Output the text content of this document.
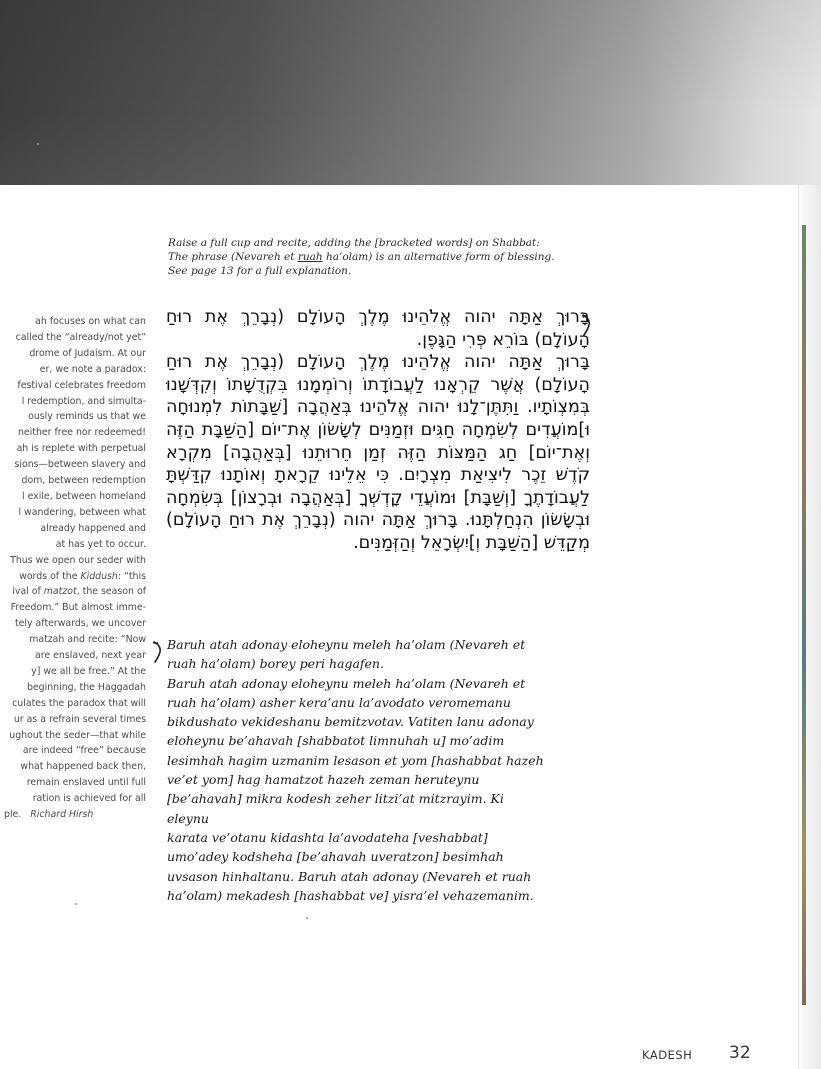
Raise a full cup and recite, adding the [bracketed words] on Shabbat:

The phrase (Nevareh et ruah ha’olam) is an alternative form of blessing.

See page 13 for a full explanation.

בָּרוּךְ אַתָּה יהוה אֱלֹהֵינוּ מֶלֶךְ הָעוֹלָם (נְבָרֵךְ אֶת רוּחַ הָעוֹלָם) בּוֹרֵא פְּרִי הַגָּפֶן.

בָּרוּךְ אַתָּה יהוה אֱלֹהֵינוּ מֶלֶךְ הָעוֹלָם (נְבָרֵךְ אֶת רוּחַ הָעוֹלָם) אֲשֶׁר קֵרְאָנוּ לַעֲבוֹדָתוֹ וְרוֹמְמָנוּ בִּקְדֻשָּׁתוֹ וְקִדְּשָׁנוּ בְּמִצְוֹתָיו. וַתִּתֶּן־לָנוּ יהוה אֱלֹהֵינוּ בְּאַהֲבָה [שַׁבָּתוֹת לִמְנוּחָה וּ]מוֹעֲדִים לְשִׂמְחָה חַגִּים וּזְמַנִּים לְשָׂשׂוֹן אֶת־יוֹם [הַשַּׁבָּת הַזֶּה וְאֶת־יוֹם] חַג הַמַּצּוֹת הַזֶּה זְמַן חֵרוּתֵנוּ [בְּאַהֲבָה] מִקְרָא קֹדֶשׁ זֵכֶר לִיצִיאַת מִצְרָיִם. כִּי אֵלֵינוּ קֵרָאתָ וְאוֹתָנוּ קִדַּשְׁתָּ לַעֲבוֹדָתֶךָ [וְשַׁבָּת] וּמוֹעֲדֵי קָדְשְׁךָ [בְּאַהֲבָה וּבְרָצוֹן] בְּשִׂמְחָה וּבְשָׂשׂוֹן הִנְחַלְתָּנוּ. בָּרוּךְ אַתָּה יהוה (נְבָרֵךְ אֶת רוּחַ הָעוֹלָם) מְקַדֵּשׁ [הַשַּׁבָּת וְ]יִשְׂרָאֵל וְהַזְּמַנִּים.

Baruh atah adonay eloheynu meleh ha’olam (Nevareh et

ruah ha’olam) borey peri hagafen.

Baruh atah adonay eloheynu meleh ha’olam (Nevareh et

ruah ha’olam) asher kera’anu la’avodato veromemanu

bikdushato vekideshanu bemitzvotav. Vatiten lanu adonay

eloheynu be’ahavah [shabbatot limnuhah u] mo’adim

lesimhah hagim uzmanim lesason et yom [hashabbat hazeh

ve’et yom] hag hamatzot hazeh zeman heruteynu

[be’ahavah] mikra kodesh zeher litzi’at mitzrayim. Ki eleynu

karata ve’otanu kidashta la’avodateha [veshabbat]

umo’adey kodsheha [be’ahavah uveratzon] besimhah

uvsason hinhaltanu. Baruh atah adonay (Nevareh et ruah

ha’olam) mekadesh [hashabbat ve] yisra’el vehazemanim.

ah focuses on what can
called the “already/not yet”
drome of Judaism. At our
er, we note a paradox:
festival celebrates freedom
l redemption, and simulta-
ously reminds us that we
neither free nor redeemed!
ah is replete with perpetual
sions—between slavery and
dom, between redemption
l exile, between homeland
l wandering, between what
already happened and
at has yet to occur.
Thus we open our seder with
words of the Kiddush: “this
ival of matzot, the season of
Freedom.” But almost imme-
tely afterwards, we uncover
matzah and recite: “Now
are enslaved, next year
y] we all be free.” At the
beginning, the Haggadah
culates the paradox that will
ur as a refrain several times
ughout the seder—that while
are indeed “free” because
what happened back then,
remain enslaved until full
ration is achieved for all
ple. Richard Hirsh
KADESH 32
